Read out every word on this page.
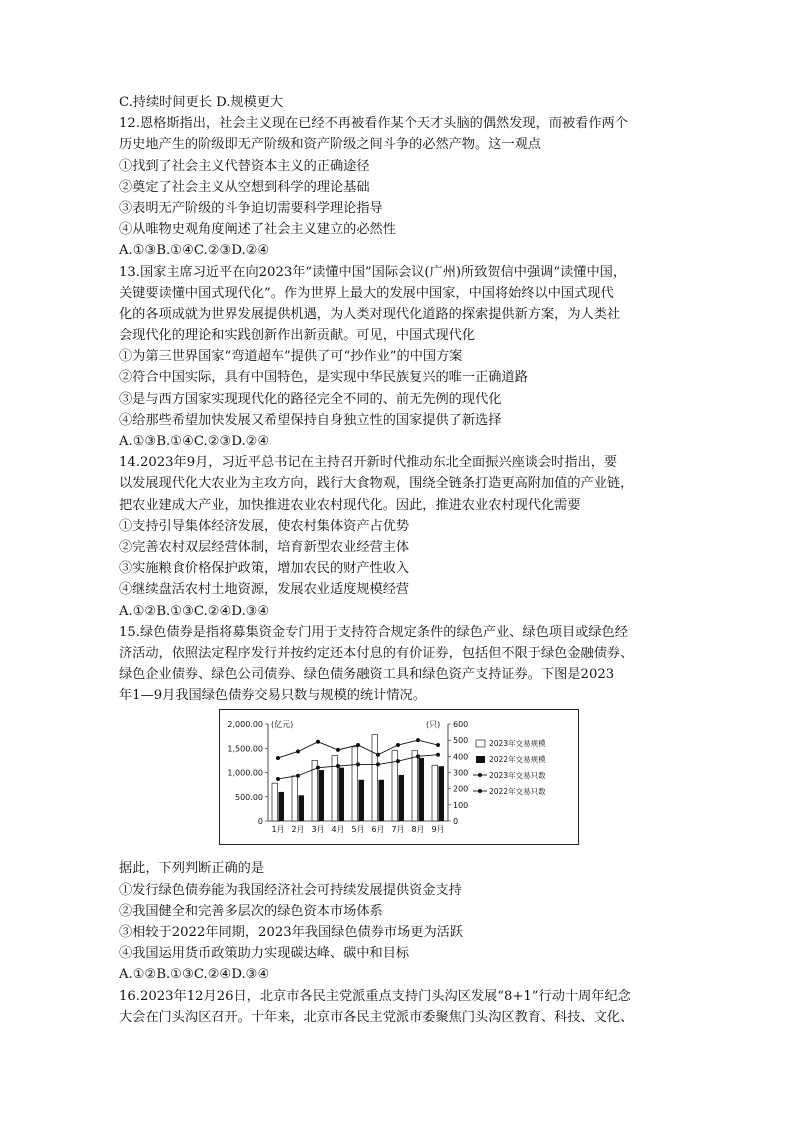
C.持续时间更长 D.规模更大
12.恩格斯指出，社会主义现在已经不再被看作某个天才头脑的偶然发现，而被看作两个
历史地产生的阶级即无产阶级和资产阶级之间斗争的必然产物。这一观点
①找到了社会主义代替资本主义的正确途径
②奠定了社会主义从空想到科学的理论基础
③表明无产阶级的斗争迫切需要科学理论指导
④从唯物史观角度阐述了社会主义建立的必然性
A.①③B.①④C.②③D.②④
13.国家主席习近平在向2023年“读懂中国”国际会议(广州)所致贺信中强调“读懂中国，
关键要读懂中国式现代化”。作为世界上最大的发展中国家，中国将始终以中国式现代
化的各项成就为世界发展提供机遇，为人类对现代化道路的探索提供新方案，为人类社
会现代化的理论和实践创新作出新贡献。可见，中国式现代化
①为第三世界国家“弯道超车”提供了可“抄作业”的中国方案
②符合中国实际，具有中国特色，是实现中华民族复兴的唯一正确道路
③是与西方国家实现现代化的路径完全不同的、前无先例的现代化
④给那些希望加快发展又希望保持自身独立性的国家提供了新选择
A.①③B.①④C.②③D.②④
14.2023年9月，习近平总书记在主持召开新时代推动东北全面振兴座谈会时指出，要
以发展现代化大农业为主攻方向，践行大食物观，围绕全链条打造更高附加值的产业链，
把农业建成大产业，加快推进农业农村现代化。因此，推进农业农村现代化需要
①支持引导集体经济发展，使农村集体资产占优势
②完善农村双层经营体制，培育新型农业经营主体
③实施粮食价格保护政策，增加农民的财产性收入
④继续盘活农村土地资源，发展农业适度规模经营
A.①②B.①③C.②④D.③④
15.绿色债券是指将募集资金专门用于支持符合规定条件的绿色产业、绿色项目或绿色经
济活动，依照法定程序发行并按约定还本付息的有价证券，包括但不限于绿色金融债券、
绿色企业债券、绿色公司债券、绿色债务融资工具和绿色资产支持证券。下图是2023
年1—9月我国绿色债券交易只数与规模的统计情况。
2,000.00
1,500.00
1,000.00
500.00
0
(亿元)	600
500
400
300
200
100
0
(只)
1月 2月 3月 4月 5月 6月 7月 8月 9月
2023年交易规模
2022年交易规模
2023年交易只数
2022年交易只数
据此，下列判断正确的是
①发行绿色债券能为我国经济社会可持续发展提供资金支持
②我国健全和完善多层次的绿色资本市场体系
③相较于2022年同期，2023年我国绿色债券市场更为活跃
④我国运用货币政策助力实现碳达峰、碳中和目标
A.①②B.①③C.②④D.③④
16.2023年12月26日，北京市各民主党派重点支持门头沟区发展“8+1”行动十周年纪念
大会在门头沟区召开。十年来，北京市各民主党派市委聚焦门头沟区教育、科技、文化、
